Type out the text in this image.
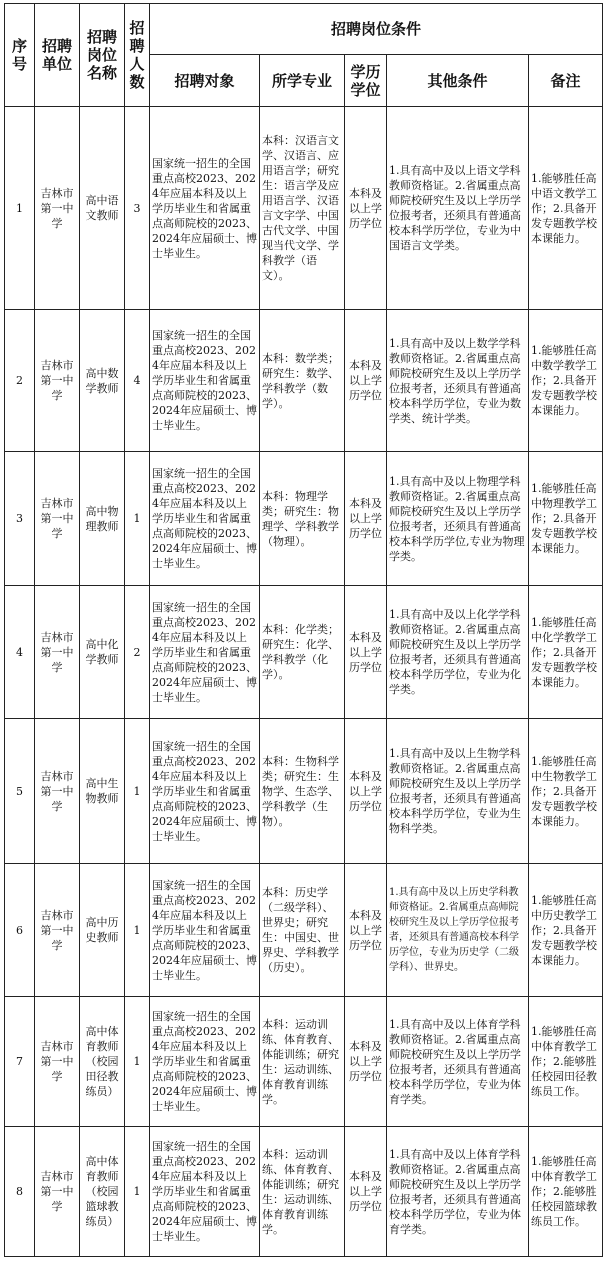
序号	招聘单位	招聘岗位名称	招聘人数	招聘岗位条件				
				招聘对象	所学专业	学历学位	其他条件	备注
1	吉林市第一中学	高中语文教师	3	国家统一招生的全国重点高校2023、2024年应届本科及以上学历毕业生和省属重点高师院校的2023、2024年应届硕士、博士毕业生。	本科：汉语言文学、汉语言、应用语言学；研究生：语言学及应用语言学、汉语言文字学、中国古代文学、中国现当代文学、学科教学（语文）。	本科及以上学历学位	1.具有高中及以上语文学科教师资格证。2.省属重点高师院校研究生及以上学历学位报考者，还须具有普通高校本科学历学位，专业为中国语言文学类。	1.能够胜任高中语文教学工作；2.具备开发专题教学校本课能力。
2	吉林市第一中学	高中数学教师	4	国家统一招生的全国重点高校2023、2024年应届本科及以上学历毕业生和省属重点高师院校的2023、2024年应届硕士、博士毕业生。	本科：数学类；研究生：数学、学科教学（数学）。	本科及以上学历学位	1.具有高中及以上数学学科教师资格证。2.省属重点高师院校研究生及以上学历学位报考者，还须具有普通高校本科学历学位，专业为数学类、统计学类。	1.能够胜任高中数学教学工作；2.具备开发专题教学校本课能力。
3	吉林市第一中学	高中物理教师	1	国家统一招生的全国重点高校2023、2024年应届本科及以上学历毕业生和省属重点高师院校的2023、2024年应届硕士、博士毕业生。	本科：物理学类；研究生：物理学、学科教学（物理）。	本科及以上学历学位	1.具有高中及以上物理学科教师资格证。2.省属重点高师院校研究生及以上学历学位报考者，还须具有普通高校本科学历学位,专业为物理学类。	1.能够胜任高中物理教学工作；2.具备开发专题教学校本课能力。
4	吉林市第一中学	高中化学教师	2	国家统一招生的全国重点高校2023、2024年应届本科及以上学历毕业生和省属重点高师院校的2023、2024年应届硕士、博士毕业生。	本科：化学类；研究生：化学、学科教学（化学）。	本科及以上学历学位	1.具有高中及以上化学学科教师资格证。2.省属重点高师院校研究生及以上学历学位报考者，还须具有普通高校本科学历学位，专业为化学类。	1.能够胜任高中化学教学工作；2.具备开发专题教学校本课能力。
5	吉林市第一中学	高中生物教师	1	国家统一招生的全国重点高校2023、2024年应届本科及以上学历毕业生和省属重点高师院校的2023、2024年应届硕士、博士毕业生。	本科：生物科学类；研究生：生物学、生态学、学科教学（生物）。	本科及以上学历学位	1.具有高中及以上生物学科教师资格证。2.省属重点高师院校研究生及以上学历学位报考者，还须具有普通高校本科学历学位，专业为生物科学类。	1.能够胜任高中生物教学工作；2.具备开发专题教学校本课能力。
6	吉林市第一中学	高中历史教师	1	国家统一招生的全国重点高校2023、2024年应届本科及以上学历毕业生和省属重点高师院校的2023、2024年应届硕士、博士毕业生。	本科：历史学（二级学科）、世界史；研究生：中国史、世界史、学科教学（历史）。	本科及以上学历学位	1.具有高中及以上历史学科教师资格证。2.省属重点高师院校研究生及以上学历学位报考者，还须具有普通高校本科学历学位，专业为历史学（二级学科）、世界史。	1.能够胜任高中历史教学工作；2.具备开发专题教学校本课能力。
7	吉林市第一中学	高中体育教师（校园田径教练员）	1	国家统一招生的全国重点高校2023、2024年应届本科及以上学历毕业生和省属重点高师院校的2023、2024年应届硕士、博士毕业生。	本科：运动训练、体育教育、体能训练；研究生：运动训练、体育教育训练学。	本科及以上学历学位	1.具有高中及以上体育学科教师资格证。2.省属重点高师院校研究生及以上学历学位报考者，还须具有普通高校本科学历学位，专业为体育学类。	1.能够胜任高中体育教学工作；2.能够胜任校园田径教练员工作。
8	吉林市第一中学	高中体育教师（校园篮球教练员）	1	国家统一招生的全国重点高校2023、2024年应届本科及以上学历毕业生和省属重点高师院校的2023、2024年应届硕士、博士毕业生。	本科：运动训练、体育教育、体能训练；研究生：运动训练、体育教育训练学。	本科及以上学历学位	1.具有高中及以上体育学科教师资格证。2.省属重点高师院校研究生及以上学历学位报考者，还须具有普通高校本科学历学位，专业为体育学类。	1.能够胜任高中体育教学工作；2.能够胜任校园篮球教练员工作。
